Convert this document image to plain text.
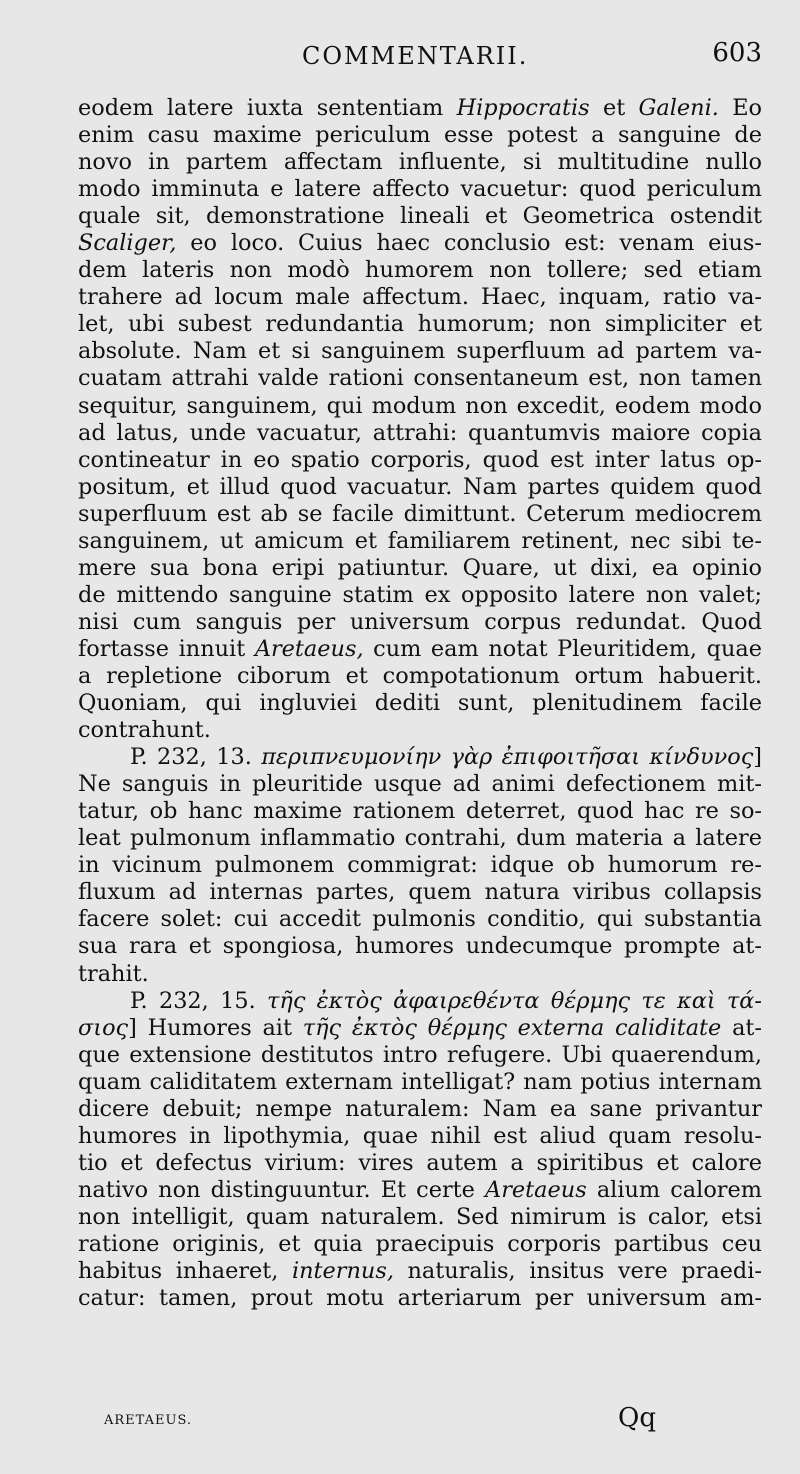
COMMENTARII.	603
eodem latere iuxta sententiam Hippocratis et Galeni. Eo
enim casu maxime periculum esse potest a sanguine de
novo in partem affectam influente, si multitudine nullo
modo imminuta e latere affecto vacuetur: quod periculum
quale sit, demonstratione lineali et Geometrica ostendit
Scaliger, eo loco. Cuius haec conclusio est: venam eius-
dem lateris non modò humorem non tollere; sed etiam
trahere ad locum male affectum. Haec, inquam, ratio va-
let, ubi subest redundantia humorum; non simpliciter et
absolute. Nam et si sanguinem superfluum ad partem va-
cuatam attrahi valde rationi consentaneum est, non tamen
sequitur, sanguinem, qui modum non excedit, eodem modo
ad latus, unde vacuatur, attrahi: quantumvis maiore copia
contineatur in eo spatio corporis, quod est inter latus op-
positum, et illud quod vacuatur. Nam partes quidem quod
superfluum est ab se facile dimittunt. Ceterum mediocrem
sanguinem, ut amicum et familiarem retinent, nec sibi te-
mere sua bona eripi patiuntur. Quare, ut dixi, ea opinio
de mittendo sanguine statim ex opposito latere non valet;
nisi cum sanguis per universum corpus redundat. Quod
fortasse innuit Aretaeus, cum eam notat Pleuritidem, quae
a repletione ciborum et compotationum ortum habuerit.
Quoniam, qui ingluviei dediti sunt, plenitudinem facile
contrahunt.
P. 232, 13. περιπνευμονίην γὰρ ἐπιφοιτῆσαι κίνδυνος]
Ne sanguis in pleuritide usque ad animi defectionem mit-
tatur, ob hanc maxime rationem deterret, quod hac re so-
leat pulmonum inflammatio contrahi, dum materia a latere
in vicinum pulmonem commigrat: idque ob humorum re-
fluxum ad internas partes, quem natura viribus collapsis
facere solet: cui accedit pulmonis conditio, qui substantia
sua rara et spongiosa, humores undecumque prompte at-
trahit.
P. 232, 15. τῆς ἐκτὸς ἀφαιρεθέντα θέρμης τε καὶ τά-
σιος] Humores ait τῆς ἐκτὸς θέρμης externa caliditate at-
que extensione destitutos intro refugere. Ubi quaerendum,
quam caliditatem externam intelligat? nam potius internam
dicere debuit; nempe naturalem: Nam ea sane privantur
humores in lipothymia, quae nihil est aliud quam resolu-
tio et defectus virium: vires autem a spiritibus et calore
nativo non distinguuntur. Et certe Aretaeus alium calorem
non intelligit, quam naturalem. Sed nimirum is calor, etsi
ratione originis, et quia praecipuis corporis partibus ceu
habitus inhaeret, internus, naturalis, insitus vere praedi-
catur: tamen, prout motu arteriarum per universum am-
ARETAEUS.	Qq
